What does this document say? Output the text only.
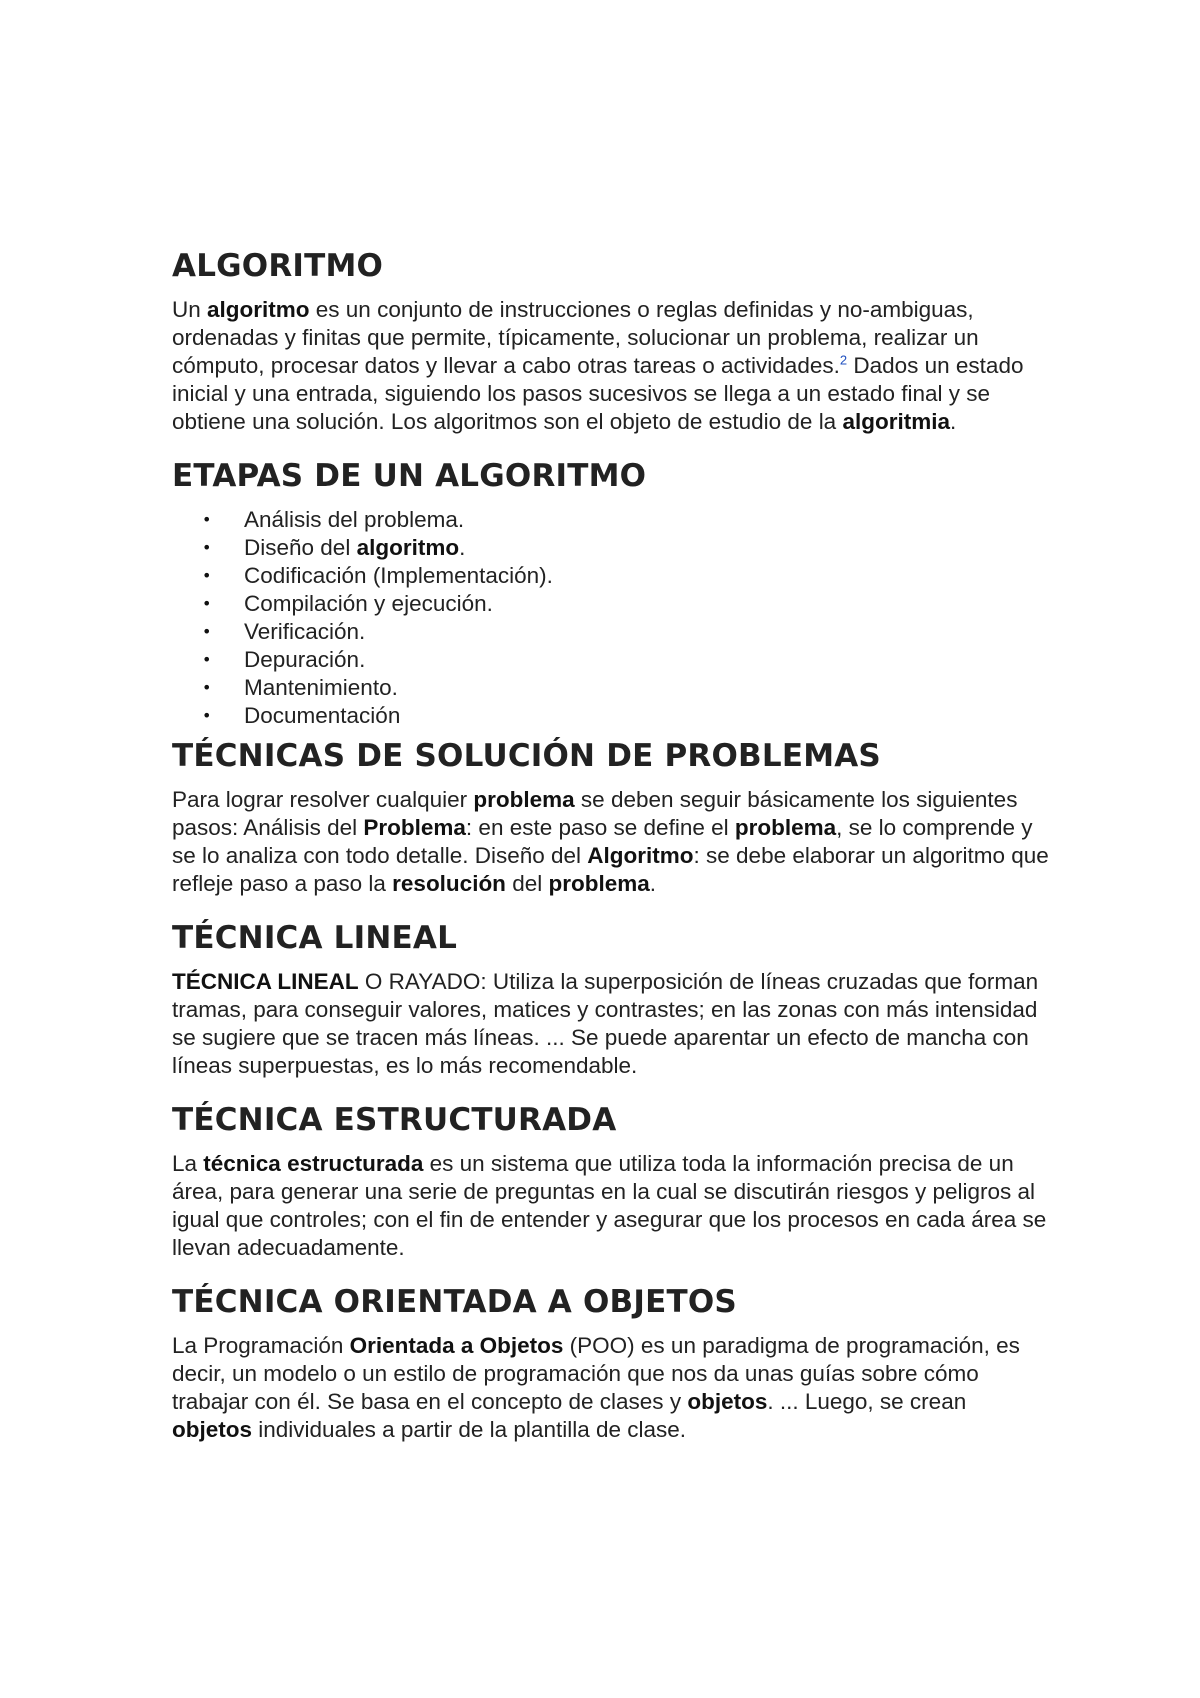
ALGORITMO

Un algoritmo es un conjunto de instrucciones o reglas definidas y no-ambiguas, ordenadas y finitas que permite, típicamente, solucionar un problema, realizar un cómputo, procesar datos y llevar a cabo otras tareas o actividades.$^2$ Dados un estado inicial y una entrada, siguiendo los pasos sucesivos se llega a un estado final y se obtiene una solución. Los algoritmos son el objeto de estudio de la algoritmia.

ETAPAS DE UN ALGORITMO
• Análisis del problema.
• Diseño del algoritmo.
• Codificación (Implementación).
• Compilación y ejecución.
• Verificación.
• Depuración.
• Mantenimiento.
• Documentación
TÉCNICAS DE SOLUCIÓN DE PROBLEMAS

Para lograr resolver cualquier problema se deben seguir básicamente los siguientes pasos: Análisis del Problema: en este paso se define el problema, se lo comprende y se lo analiza con todo detalle. Diseño del Algoritmo: se debe elaborar un algoritmo que refleje paso a paso la resolución del problema.

TÉCNICA LINEAL

TÉCNICA LINEAL O RAYADO: Utiliza la superposición de líneas cruzadas que forman tramas, para conseguir valores, matices y contrastes; en las zonas con más intensidad se sugiere que se tracen más líneas. ... Se puede aparentar un efecto de mancha con líneas superpuestas, es lo más recomendable.

TÉCNICA ESTRUCTURADA

La técnica estructurada es un sistema que utiliza toda la información precisa de un área, para generar una serie de preguntas en la cual se discutirán riesgos y peligros al igual que controles; con el fin de entender y asegurar que los procesos en cada área se llevan adecuadamente.

TÉCNICA ORIENTADA A OBJETOS

La Programación Orientada a Objetos (POO) es un paradigma de programación, es decir, un modelo o un estilo de programación que nos da unas guías sobre cómo trabajar con él. Se basa en el concepto de clases y objetos. ... Luego, se crean objetos individuales a partir de la plantilla de clase.
